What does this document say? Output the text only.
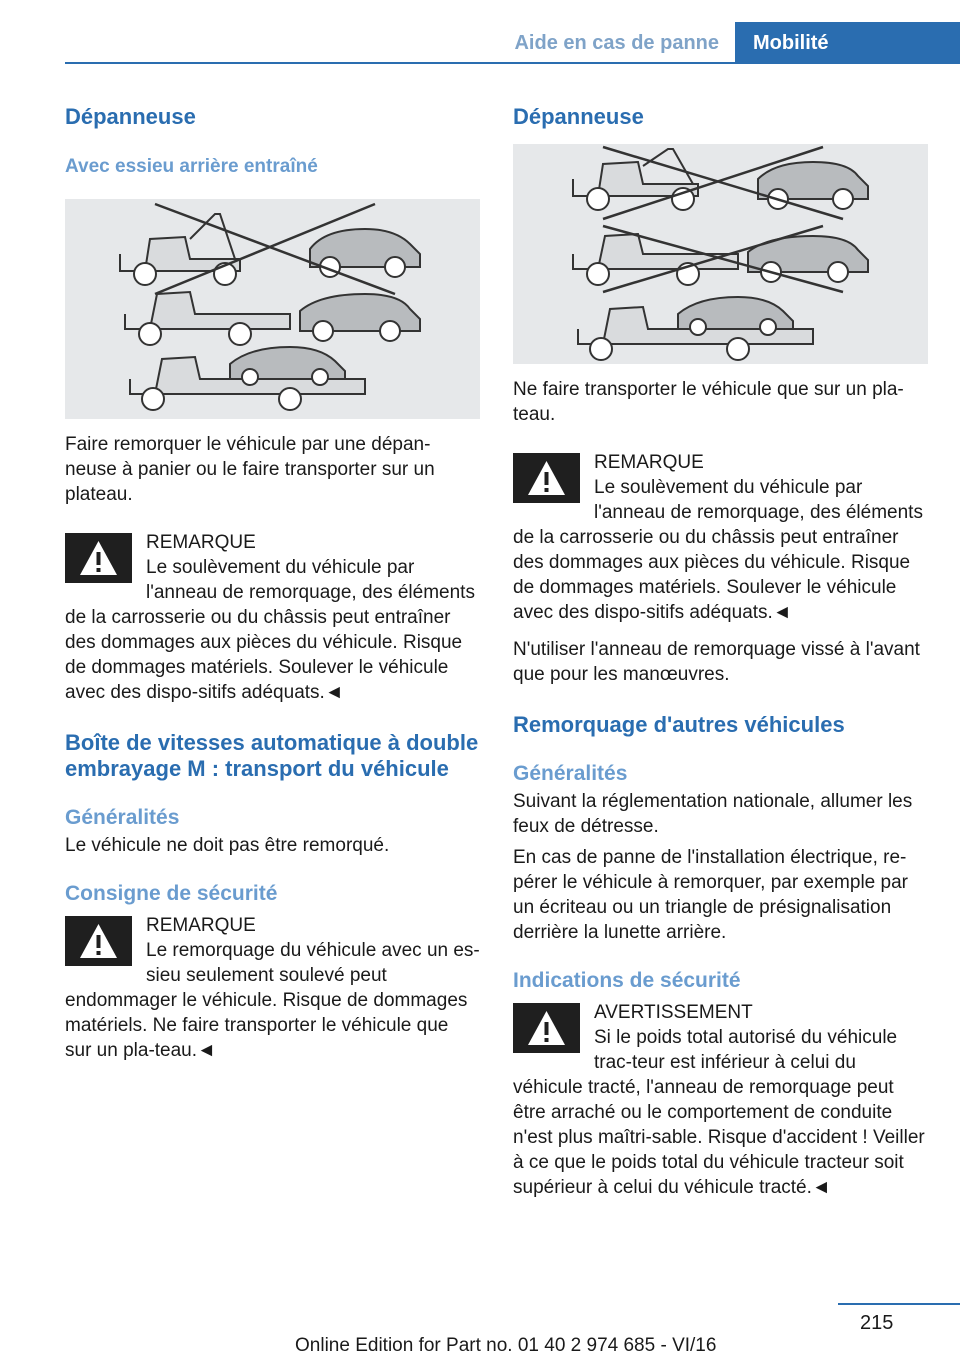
Aide en cas de panne	Mobilité
Dépanneuse
Avec essieu arrière entraîné

Faire remorquer le véhicule par une dépan-neuse à panier ou le faire transporter sur un plateau.

REMARQUE
Le soulèvement du véhicule par l'anneau de remorquage, des éléments de la carrosserie ou du châssis peut entraîner des dommages aux pièces du véhicule. Risque de dommages matériels. Soulever le véhicule avec des dispo-sitifs adéquats.◄
Boîte de vitesses automatique à double embrayage M : transport du véhicule
Généralités

Le véhicule ne doit pas être remorqué.

Consigne de sécurité
REMARQUE
Le remorquage du véhicule avec un es-sieu seulement soulevé peut endommager le véhicule. Risque de dommages matériels. Ne faire transporter le véhicule que sur un pla-teau.◄
Dépanneuse

Ne faire transporter le véhicule que sur un pla-teau.

REMARQUE
Le soulèvement du véhicule par l'anneau de remorquage, des éléments de la carrosserie ou du châssis peut entraîner des dommages aux pièces du véhicule. Risque de dommages matériels. Soulever le véhicule avec des dispo-sitifs adéquats.◄

N'utiliser l'anneau de remorquage vissé à l'avant que pour les manœuvres.

Remorquage d'autres véhicules
Généralités

Suivant la réglementation nationale, allumer les feux de détresse.

En cas de panne de l'installation électrique, re-pérer le véhicule à remorquer, par exemple par un écriteau ou un triangle de présignalisation derrière la lunette arrière.

Indications de sécurité
AVERTISSEMENT
Si le poids total autorisé du véhicule trac-teur est inférieur à celui du véhicule tracté, l'anneau de remorquage peut être arraché ou le comportement de conduite n'est plus maîtri-sable. Risque d'accident ! Veiller à ce que le poids total du véhicule tracteur soit supérieur à celui du véhicule tracté.◄
215
Online Edition for Part no. 01 40 2 974 685 - VI/16
